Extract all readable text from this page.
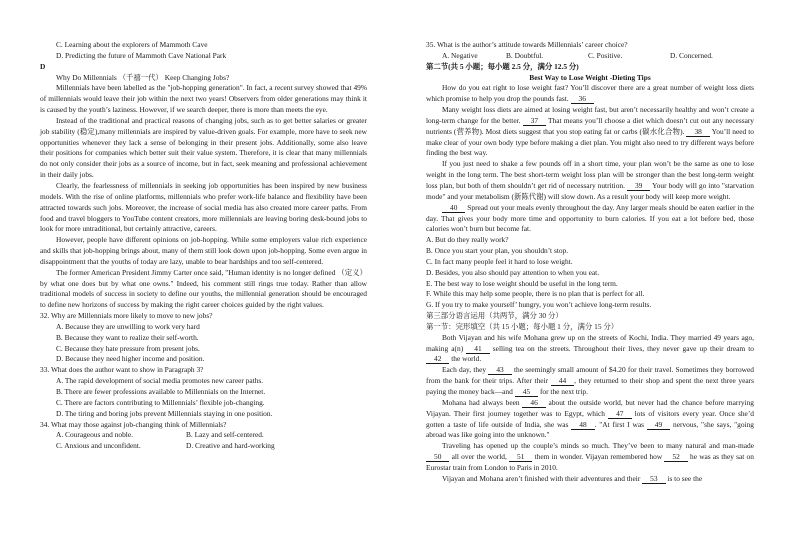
C. Learning about the explorers of Mammoth Cave

D. Predicting the future of Mammoth Cave National Park

D

Why Do Millennials （千禧一代） Keep Changing Jobs?

Millennials have been labelled as the "job-hopping generation". In fact, a recent survey showed that 49% of millennials would leave their job within the next two years! Observers from older generations may think it is caused by the youth’s laziness. However, if we search deeper, there is more than meets the eye.

Instead of the traditional and practical reasons of changing jobs, such as to get better salaries or greater job stability (稳定),many millennials are inspired by value-driven goals. For example, more have to seek new opportunities whenever they lack a sense of belonging in their present jobs. Additionally, some also leave their positions for companies which better suit their value system. Therefore, it is clear that many millennials do not only consider their jobs as a source of income, but in fact, seek meaning and professional achievement in their daily jobs.

Clearly, the fearlessness of millennials in seeking job opportunities has been inspired by new business models. With the rise of online platforms, millennials who prefer work-life balance and flexibility have been attracted towards such jobs. Moreover, the increase of social media has also created more career paths. From food and travel bloggers to YouTube content creators, more millennials are leaving boring desk-bound jobs to look for more untraditional, but certainly attractive, careers.

However, people have different opinions on job-hopping. While some employers value rich experience and skills that job-hopping brings about, many of them still look down upon job-hopping. Some even argue in disappointment that the youths of today are lazy, unable to bear hardships and too self-centered.

The former American President Jimmy Carter once said, "Human identity is no longer defined （定义） by what one does but by what one owns." Indeed, his comment still rings true today. Rather than allow traditional models of success in society to define our youths, the millennial generation should be encouraged to define new horizons of success by making the right career choices guided by the right values.

32. Why are Millennials more likely to move to new jobs?

A. Because they are unwilling to work very hard

B. Because they want to realize their self-worth.

C. Because they hate pressure from present jobs.

D. Because they need higher income and position.

33. What does the author want to show in Paragraph 3?

A. The rapid development of social media promotes new career paths.

B. There are fewer professions available to Millennials on the Internet.

C. There are factors contributing to Millennials’ flexible job-changing.

D. The tiring and boring jobs prevent Millennials staying in one position.

34. What may those against job-changing think of Millennials?

A. Courageous and noble.	B. Lazy and self-centered.
C. Anxious and unconfident.	D. Creative and hard-working

35. What is the author’s attitude towards Millennials’ career choice?

A. Negative	B. Doubtful.	C. Positive.	D. Concerned.

第二节(共 5 小题；每小题 2.5 分，满分 12.5 分)

Best Way to Lose Weight -Dieting Tips

How do you eat right to lose weight fast? You’ll discover there are a great number of weight loss diets which promise to help you drop the pounds fast. 36

Many weight loss diets are aimed at losing weight fast, but aren’t necessarily healthy and won’t create a long-term change for the better. 37 That means you’ll choose a diet which doesn’t cut out any necessary nutrients (营养物). Most diets suggest that you stop eating fat or carbs (碳水化合物). 38 You’ll need to make clear of your own body type before making a diet plan. You might also need to try different ways before finding the best way.

If you just need to shake a few pounds off in a short time, your plan won’t be the same as one to lose weight in the long term. The best short-term weight loss plan will be stronger than the best long-term weight loss plan, but both of them shouldn’t get rid of necessary nutrition. 39 Your body will go into "starvation mode" and your metabolism (新陈代谢) will slow down. As a result your body will keep more weight.

40 Spread out your meals evenly throughout the day. Any larger meals should be eaten earlier in the day. That gives your body more time and opportunity to burn calories. If you eat a lot before bed, those calories won’t burn but become fat.

A. But do they really work?

B. Once you start your plan, you shouldn’t stop.

C. In fact many people feel it hard to lose weight.

D. Besides, you also should pay attention to when you eat.

E. The best way to lose weight should be useful in the long term.

F. While this may help some people, there is no plan that is perfect for all.

G. If you try to make yourself’ hungry, you won’t achieve long-term results.

第三部分语言运用（共两节，满分 30 分）

第一节：完形填空（共 15 小题；每小题 1 分，满分 15 分）

Both Vijayan and his wife Mohana grew up on the streets of Kochi, India. They married 49 years ago, making a(n) 41 selling tea on the streets. Throughout their lives, they never gave up their dream to 42 the world.

Each day, they 43 the seemingly small amount of $4.20 for their travel. Sometimes they borrowed from the bank for their trips. After their 44 , they returned to their shop and spent the next three years paying the money back—and 45 for the next trip.

Mohana had always been 46 about the outside world, but never had the chance before marrying Vijayan. Their first journey together was to Egypt, which 47 lots of visitors every year. Once she’d gotten a taste of life outside of India, she was 48 . "At first I was 49 nervous, "she says, "going abroad was like going into the unknown."

Traveling has opened up the couple’s minds so much. They’ve been to many natural and man-made 50 all over the world, 51 them in wonder. Vijayan remembered how 52 he was as they sat on Eurostar train from London to Paris in 2010.

Vijayan and Mohana aren’t finished with their adventures and their 53 is to see the
